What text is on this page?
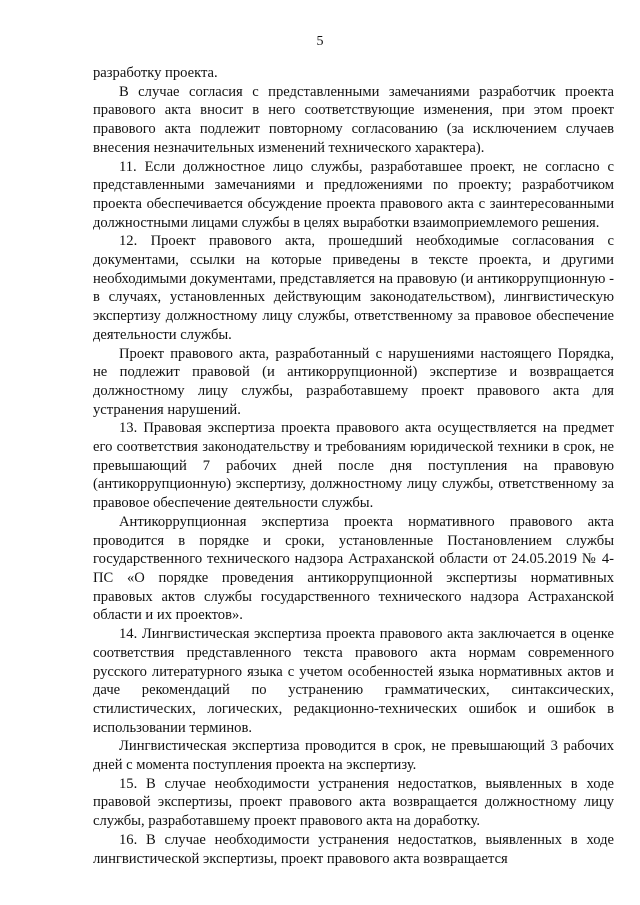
5

разработку проекта.

В случае согласия с представленными замечаниями разработчик проекта правового акта вносит в него соответствующие изменения, при этом проект правового акта подлежит повторному согласованию (за исключением случаев внесения незначительных изменений технического характера).

11. Если должностное лицо службы, разработавшее проект, не согласно с представленными замечаниями и предложениями по проекту; разработчиком проекта обеспечивается обсуждение проекта правового акта с заинтересованными должностными лицами службы в целях выработки взаимоприемлемого решения.

12. Проект правового акта, прошедший необходимые согласования с документами, ссылки на которые приведены в тексте проекта, и другими необходимыми документами, представляется на правовую (и антикоррупционную - в случаях, установленных действующим законодательством), лингвистическую экспертизу должностному лицу службы, ответственному за правовое обеспечение деятельности службы.

Проект правового акта, разработанный с нарушениями настоящего Порядка, не подлежит правовой (и антикоррупционной) экспертизе и возвращается должностному лицу службы, разработавшему проект правового акта для устранения нарушений.

13. Правовая экспертиза проекта правового акта осуществляется на предмет его соответствия законодательству и требованиям юридической техники в срок, не превышающий 7 рабочих дней после дня поступления на правовую (антикоррупционную) экспертизу, должностному лицу службы, ответственному за правовое обеспечение деятельности службы.

Антикоррупционная экспертиза проекта нормативного правового акта проводится в порядке и сроки, установленные Постановлением службы государственного технического надзора Астраханской области от 24.05.2019 № 4-ПС «О порядке проведения антикоррупционной экспертизы нормативных правовых актов службы государственного технического надзора Астраханской области и их проектов».

14. Лингвистическая экспертиза проекта правового акта заключается в оценке соответствия представленного текста правового акта нормам современного русского литературного языка с учетом особенностей языка нормативных актов и даче рекомендаций по устранению грамматических, синтаксических, стилистических, логических, редакционно-технических ошибок и ошибок в использовании терминов.

Лингвистическая экспертиза проводится в срок, не превышающий 3 рабочих дней с момента поступления проекта на экспертизу.

15. В случае необходимости устранения недостатков, выявленных в ходе правовой экспертизы, проект правового акта возвращается должностному лицу службы, разработавшему проект правового акта на доработку.

16. В случае необходимости устранения недостатков, выявленных в ходе лингвистической экспертизы, проект правового акта возвращается
